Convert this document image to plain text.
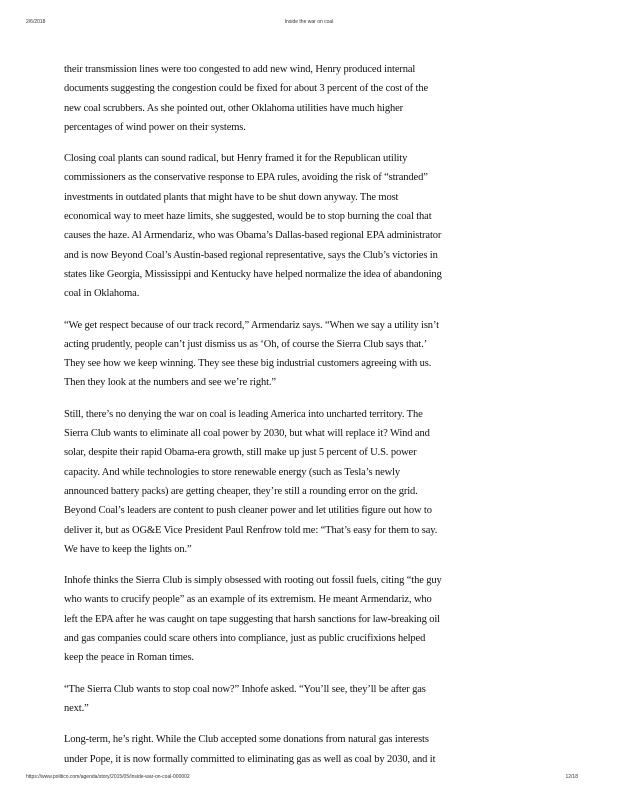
2/6/2018	Inside the war on coal

their transmission lines were too congested to add new wind, Henry produced internal documents suggesting the congestion could be fixed for about 3 percent of the cost of the new coal scrubbers. As she pointed out, other Oklahoma utilities have much higher percentages of wind power on their systems.

Closing coal plants can sound radical, but Henry framed it for the Republican utility commissioners as the conservative response to EPA rules, avoiding the risk of “stranded” investments in outdated plants that might have to be shut down anyway. The most economical way to meet haze limits, she suggested, would be to stop burning the coal that causes the haze. Al Armendariz, who was Obama’s Dallas-based regional EPA administrator and is now Beyond Coal’s Austin-based regional representative, says the Club’s victories in states like Georgia, Mississippi and Kentucky have helped normalize the idea of abandoning coal in Oklahoma.

“We get respect because of our track record,” Armendariz says. “When we say a utility isn’t acting prudently, people can’t just dismiss us as ‘Oh, of course the Sierra Club says that.’ They see how we keep winning. They see these big industrial customers agreeing with us. Then they look at the numbers and see we’re right.”

Still, there’s no denying the war on coal is leading America into uncharted territory. The Sierra Club wants to eliminate all coal power by 2030, but what will replace it? Wind and solar, despite their rapid Obama-era growth, still make up just 5 percent of U.S. power capacity. And while technologies to store renewable energy (such as Tesla’s newly announced battery packs) are getting cheaper, they’re still a rounding error on the grid. Beyond Coal’s leaders are content to push cleaner power and let utilities figure out how to deliver it, but as OG&E Vice President Paul Renfrow told me: “That’s easy for them to say. We have to keep the lights on.”

Inhofe thinks the Sierra Club is simply obsessed with rooting out fossil fuels, citing “the guy who wants to crucify people” as an example of its extremism. He meant Armendariz, who left the EPA after he was caught on tape suggesting that harsh sanctions for law-breaking oil and gas companies could scare others into compliance, just as public crucifixions helped keep the peace in Roman times.

“The Sierra Club wants to stop coal now?” Inhofe asked. “You’ll see, they’ll be after gas next.”

Long-term, he’s right. While the Club accepted some donations from natural gas interests under Pope, it is now formally committed to eliminating gas as well as coal by 2030, and it

https://www.politico.com/agenda/story/2015/05/inside-war-on-coal-000002	12/18
